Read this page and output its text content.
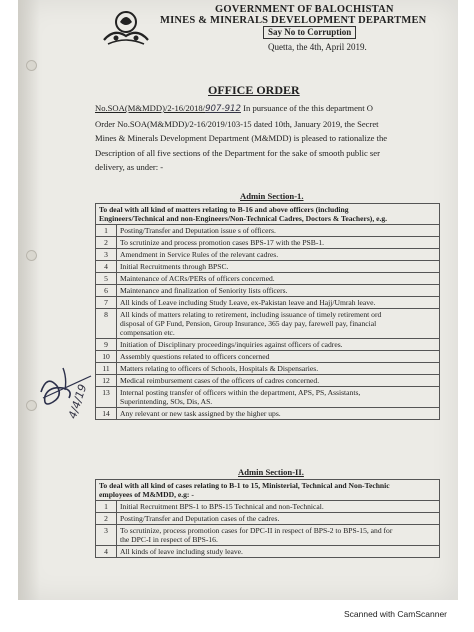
GOVERNMENT OF BALOCHISTAN
MINES & MINERALS DEVELOPMENT DEPARTMEN
Say No to Corruption
Quetta, the 4th, April 2019.
OFFICE ORDER
No.SOA(M&MDD)/2-16/2018/907-912 In pursuance of the this department O
Order No.SOA(M&MDD)/2-16/2019/103-15 dated 10th, January 2019, the Secret
Mines & Minerals Development Department (M&MDD) is pleased to rationalize the
Description of all five sections of the Department for the sake of smooth public ser
delivery, as under: -
Admin Section-1.
To deal with all kind of matters relating to B-16 and above officers (including
Engineers/Technical and non-Engineers/Non-Technical Cadres, Doctors & Teachers), e.g.	

1	Posting/Transfer and Deputation issue s of officers.

2	To scrutinize and process promotion cases BPS-17 with the PSB-1.

3	Amendment in Service Rules of the relevant cadres.

4	Initial Recruitments through BPSC.

5	Maintenance of ACRs/PERs of officers concerned.

6	Maintenance and finalization of Seniority lists officers.

7	All kinds of Leave including Study Leave, ex-Pakistan leave and Hajj/Umrah leave.

8	All kinds of matters relating to retirement, including issuance of timely retirement ord
disposal of GP Fund, Pension, Group Insurance, 365 day pay, farewell pay, financial
compensation etc.

9	Initiation of Disciplinary proceedings/inquiries against officers of cadres.

10	Assembly questions related to officers concerned

11	Matters relating to officers of Schools, Hospitals & Dispensaries.

12	Medical reimbursement cases of the officers of cadres concerned.

13	Internal posting transfer of officers within the department, APS, PS, Assistants,
Superintending, SOs, Dis, AS.

14	Any relevant or new task assigned by the higher ups.
Admin Section-II.
To deal with all kind of cases relating to B-1 to 15, Ministerial, Technical and Non-Technic
employees of M&MDD, e.g: -	

1	Initial Recruitment BPS-1 to BPS-15 Technical and non-Technical.

2	Posting/Transfer and Deputation cases of the cadres.

3	To scrutinize, process promotion cases for DPC-II in respect of BPS-2 to BPS-15, and for
the DPC-I in respect of BPS-16.

4	All kinds of leave including study leave.
4/4/19
Scanned with CamScanner
